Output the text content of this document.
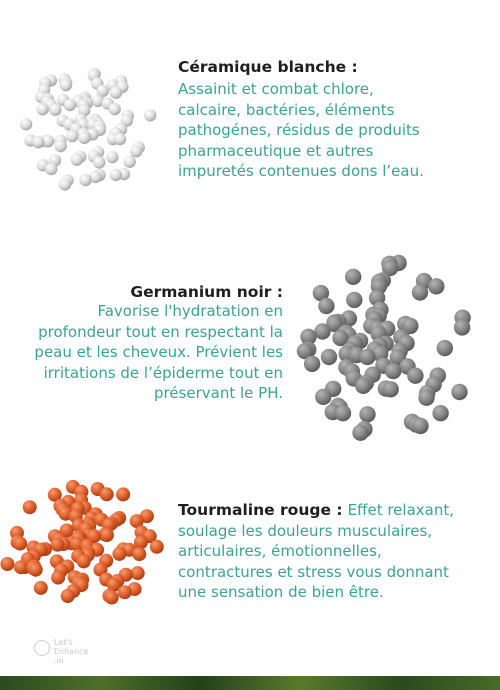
Céramique blanche :
Assainit et combat chlore,
calcaire, bactéries, éléments
pathogénes, résidus de produits
pharmaceutique et autres
impuretés contenues dons l’eau.
Germanium noir :
Favorise l'hydratation en
profondeur tout en respectant la
peau et les cheveux. Prévient les
irritations de l’épiderme tout en
préservant le PH.
Tourmaline rouge : Effet relaxant,
soulage les douleurs musculaires,
articulaires, émotionnelles,
contractures et stress vous donnant
une sensation de bien être.
Let's
Enhance
.io
